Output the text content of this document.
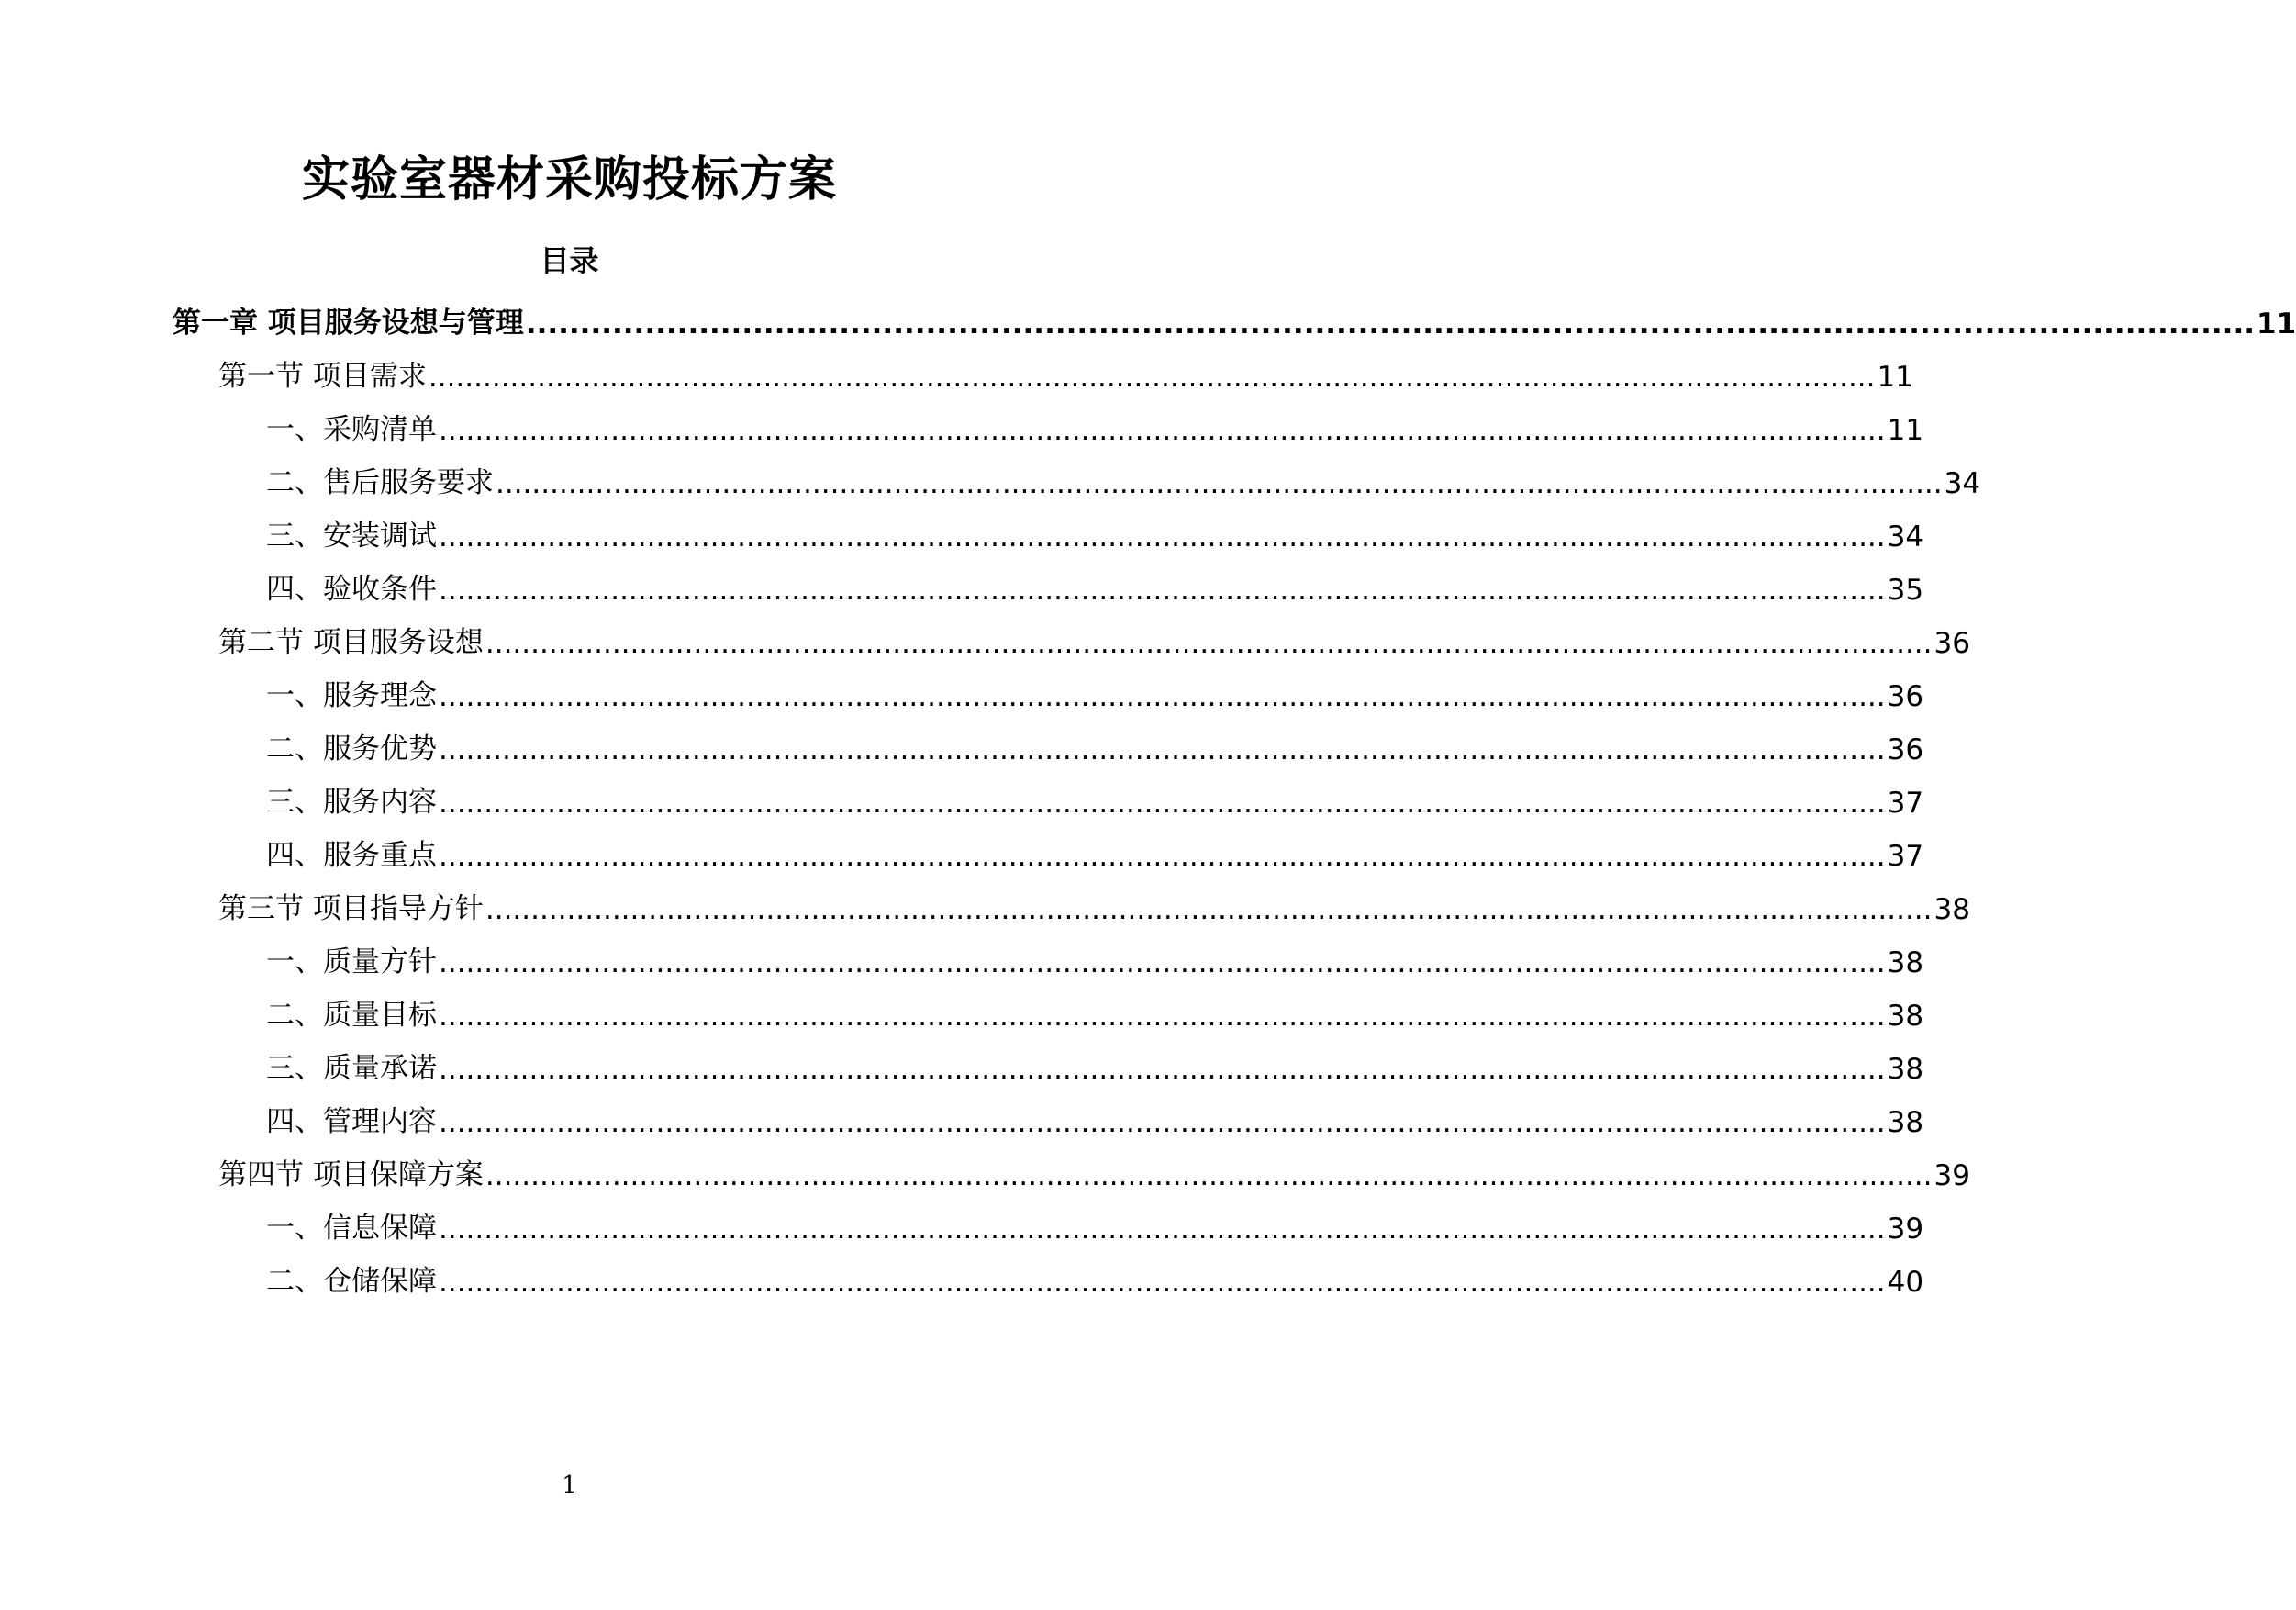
实验室器材采购投标方案
目录
第一章 项目服务设想与管理 ................................................................................................................................................................ 11
第一节 项目需求 ................................................................................................................................................................ 11
一、采购清单 ................................................................................................................................................................ 11
二、售后服务要求 ................................................................................................................................................................ 34
三、安装调试 ................................................................................................................................................................ 34
四、验收条件 ................................................................................................................................................................ 35
第二节 项目服务设想 ................................................................................................................................................................ 36
一、服务理念 ................................................................................................................................................................ 36
二、服务优势 ................................................................................................................................................................ 36
三、服务内容 ................................................................................................................................................................ 37
四、服务重点 ................................................................................................................................................................ 37
第三节 项目指导方针 ................................................................................................................................................................ 38
一、质量方针 ................................................................................................................................................................ 38
二、质量目标 ................................................................................................................................................................ 38
三、质量承诺 ................................................................................................................................................................ 38
四、管理内容 ................................................................................................................................................................ 38
第四节 项目保障方案 ................................................................................................................................................................ 39
一、信息保障 ................................................................................................................................................................ 39
二、仓储保障 ................................................................................................................................................................ 40
1
